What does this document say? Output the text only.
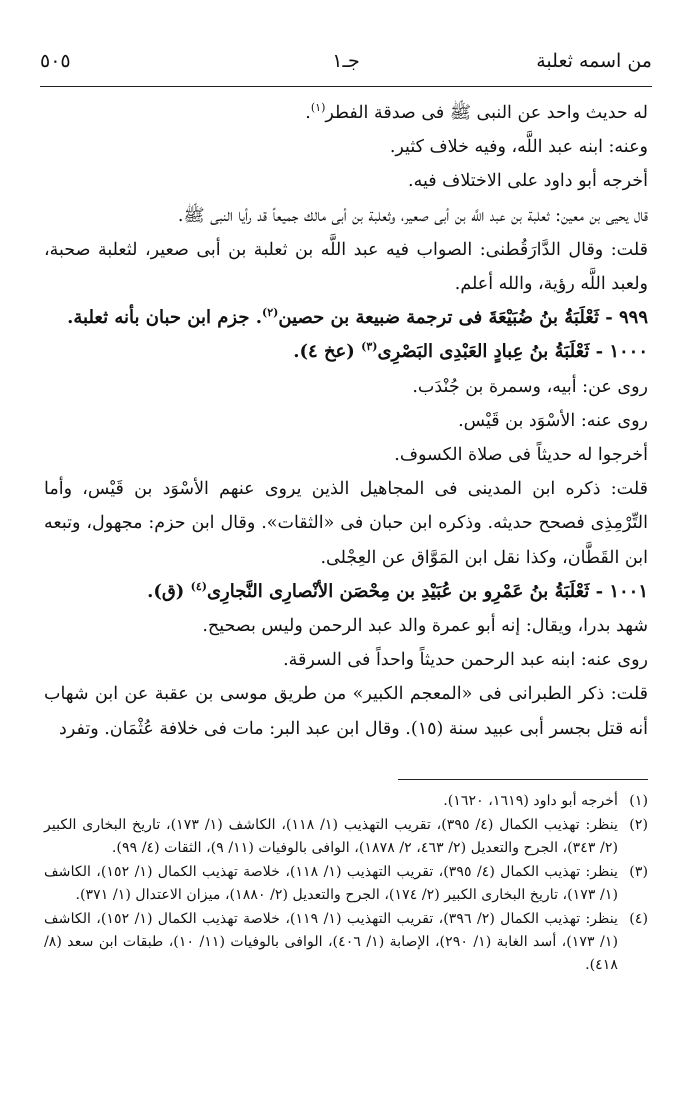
من اسمه ثعلبة
جـ١
٥٠٥

له حديث واحد عن النبى ﷺ فى صدقة الفطر$^{(١)}$.

وعنه: ابنه عبد اللَّه، وفيه خلاف كثير.

أخرجه أبو داود على الاختلاف فيه.

قال يحيى بن معين: ثعلبة بن عبد اللَّه بن أبى صعير، وثعلبة بن أبى مالك جميعاً قد رأيا النبى ﷺ.

قلت: وقال الدَّارَقُطنى: الصواب فيه عبد اللَّه بن ثعلبة بن أبى صعير، لثعلبة صحبة، ولعبد اللَّه رؤية، والله أعلم.

٩٩٩ - ثَعْلَبَةُ بنُ ضُبَيْعَةَ فى ترجمة ضبيعة بن حصين$^{(٢)}$. جزم ابن حبان بأنه ثعلبة.

١٠٠٠ - ثَعْلَبَةُ بنُ عِبادٍ العَبْدِى البَصْرِى$^{(٣)}$ (عخ ٤).

روى عن: أبيه، وسمرة بن جُنْدَب.

روى عنه: الأسْوَد بن قَيْس.

أخرجوا له حديثاً فى صلاة الكسوف.

قلت: ذكره ابن المدينى فى المجاهيل الذين يروى عنهم الأسْوَد بن قَيْس، وأما التِّرْمِذِى فصحح حديثه. وذكره ابن حبان فى «الثقات». وقال ابن حزم: مجهول، وتبعه ابن القَطَّان، وكذا نقل ابن المَوَّاق عن العِجْلى.

١٠٠١ - ثَعْلَبَةُ بنُ عَمْرِو بن عُبَيْدِ بن مِحْصَن الأنْصارِى النَّجارِى$^{(٤)}$ (ق).

شهد بدرا، ويقال: إنه أبو عمرة والد عبد الرحمن وليس بصحيح.

روى عنه: ابنه عبد الرحمن حديثاً واحداً فى السرقة.

قلت: ذكر الطبرانى فى «المعجم الكبير» من طريق موسى بن عقبة عن ابن شهاب أنه قتل بجسر أبى عبيد سنة (١٥). وقال ابن عبد البر: مات فى خلافة عُثْمَان. وتفرد

(١)
أخرجه أبو داود (١٦١٩، ١٦٢٠).
(٢)
ينظر: تهذيب الكمال (٤/ ٣٩٥)، تقريب التهذيب (١/ ١١٨)، الكاشف (١/ ١٧٣)، تاريخ البخارى الكبير (٢/ ٣٤٣)، الجرح والتعديل (٢/ ٤٦٣، ٢/ ١٨٧٨)، الوافى بالوفيات (١١/ ٩)، الثقات (٤/ ٩٩).
(٣)
ينظر: تهذيب الكمال (٤/ ٣٩٥)، تقريب التهذيب (١/ ١١٨)، خلاصة تهذيب الكمال (١/ ١٥٢)، الكاشف (١/ ١٧٣)، تاريخ البخارى الكبير (٢/ ١٧٤)، الجرح والتعديل (٢/ ١٨٨٠)، ميزان الاعتدال (١/ ٣٧١).
(٤)
ينظر: تهذيب الكمال (٢/ ٣٩٦)، تقريب التهذيب (١/ ١١٩)، خلاصة تهذيب الكمال (١/ ١٥٢)، الكاشف (١/ ١٧٣)، أسد الغابة (١/ ٢٩٠)، الإصابة (١/ ٤٠٦)، الوافى بالوفيات (١١/ ١٠)، طبقات ابن سعد (٨/ ٤١٨).
